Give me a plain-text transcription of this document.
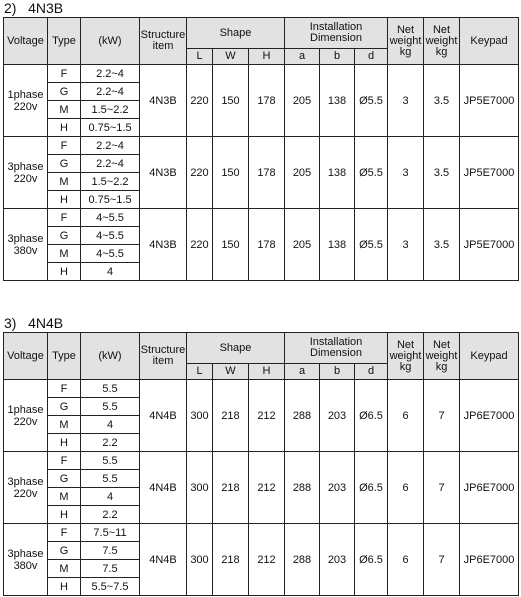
2)   4N3B
Voltage	Type	(kW)	Structure item	Shape			Installation Dimension			Net weight kg	Net weight kg	Keypad
				L	W	H	a	b	d			
1phase 220v	F	2.2~4	4N3B	220	150	178	205	138	Ø5.5	3	3.5	JP5E7000
	G	2.2~4										
	M	1.5~2.2										
	H	0.75~1.5										
3phase 220v	F	2.2~4	4N3B	220	150	178	205	138	Ø5.5	3	3.5	JP5E7000
	G	2.2~4										
	M	1.5~2.2										
	H	0.75~1.5										
3phase 380v	F	4~5.5	4N3B	220	150	178	205	138	Ø5.5	3	3.5	JP5E7000
	G	4~5.5										
	M	4~5.5										
	H	4										
3)   4N4B
Voltage	Type	(kW)	Structure item	Shape			Installation Dimension			Net weight kg	Net weight kg	Keypad
				L	W	H	a	b	d			
1phase 220v	F	5.5	4N4B	300	218	212	288	203	Ø6.5	6	7	JP6E7000
	G	5.5										
	M	4										
	H	2.2										
3phase 220v	F	5.5	4N4B	300	218	212	288	203	Ø6.5	6	7	JP6E7000
	G	5.5										
	M	4										
	H	2.2										
3phase 380v	F	7.5~11	4N4B	300	218	212	288	203	Ø6.5	6	7	JP6E7000
	G	7.5										
	M	7.5										
	H	5.5~7.5										
